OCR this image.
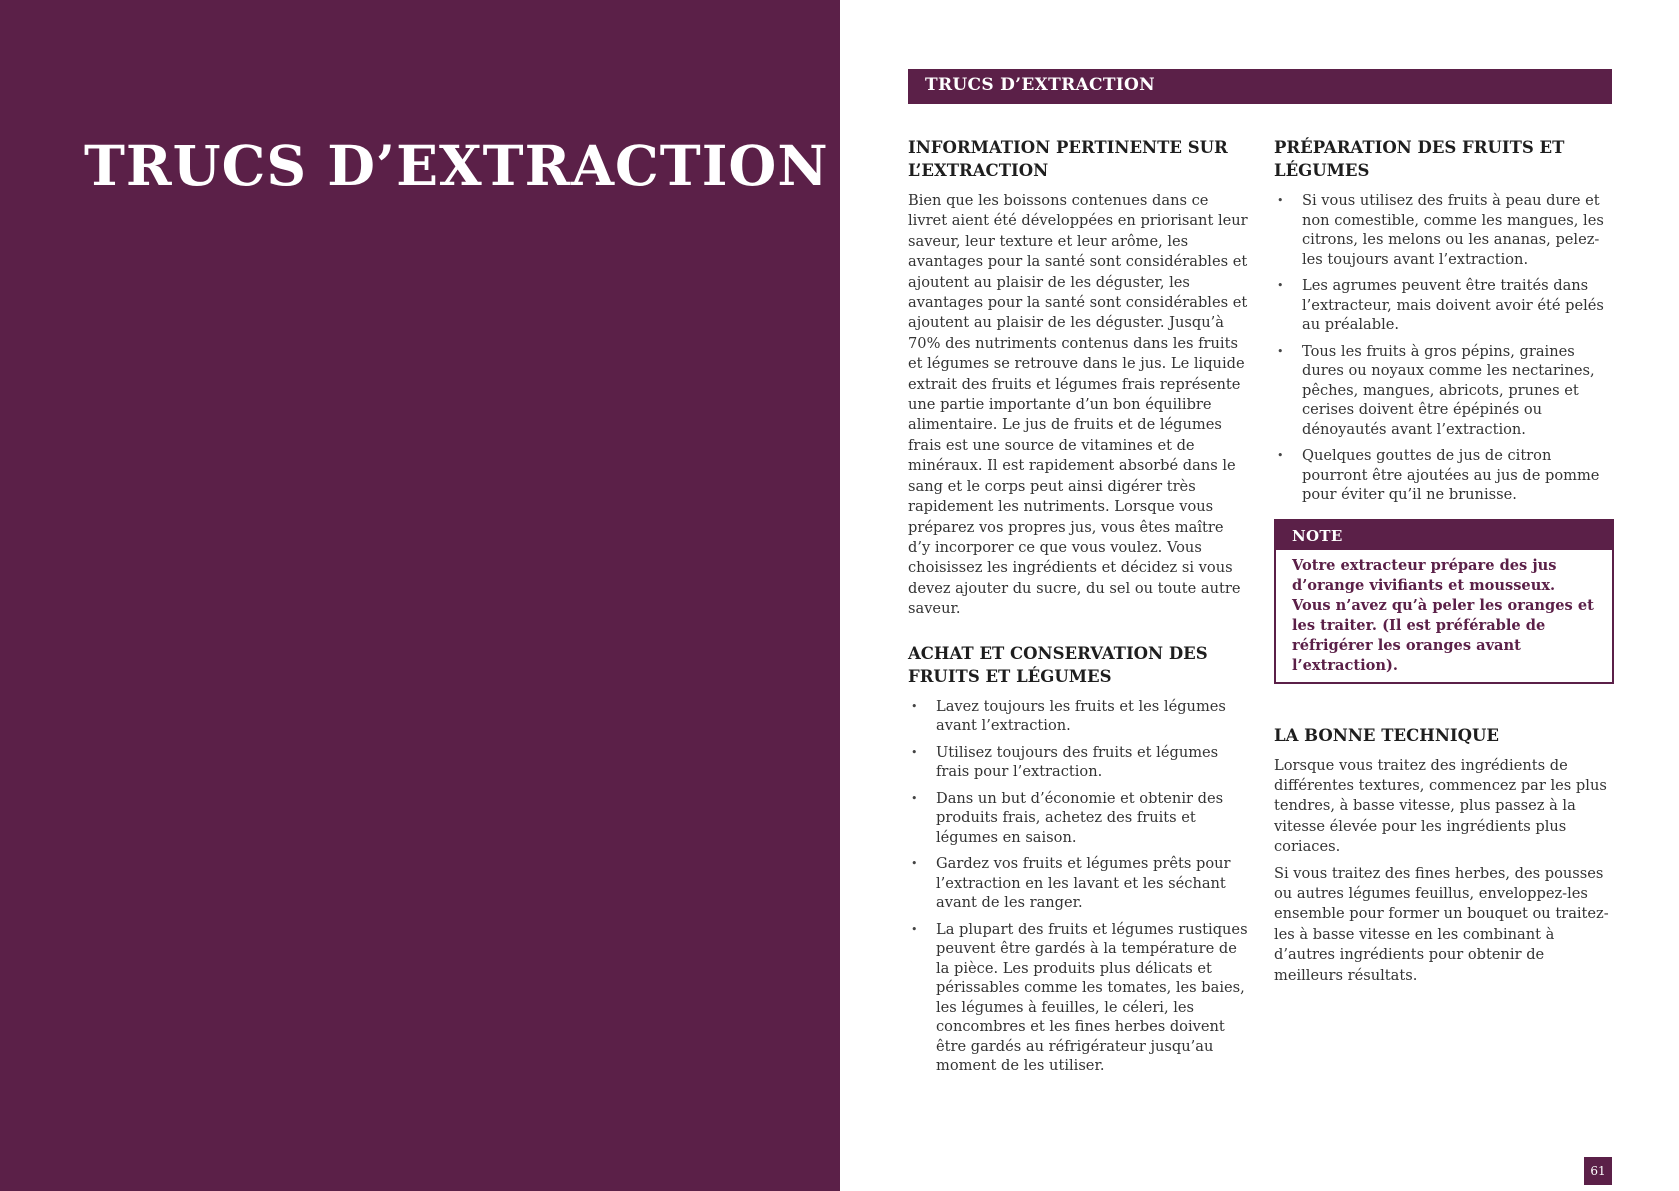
TRUCS D’EXTRACTION
TRUCS D’EXTRACTION
INFORMATION PERTINENTE SUR L’EXTRACTION

Bien que les boissons contenues dans ce livret aient été développées en priorisant leur saveur, leur texture et leur arôme, les avantages pour la santé sont considérables et ajoutent au plaisir de les déguster, les avantages pour la santé sont considérables et ajoutent au plaisir de les déguster. Jusqu’à 70% des nutriments contenus dans les fruits et légumes se retrouve dans le jus. Le liquide extrait des fruits et légumes frais représente une partie importante d’un bon équilibre alimentaire. Le jus de fruits et de légumes frais est une source de vitamines et de minéraux. Il est rapidement absorbé dans le sang et le corps peut ainsi digérer très rapidement les nutriments. Lorsque vous préparez vos propres jus, vous êtes maître d’y incorporer ce que vous voulez. Vous choisissez les ingrédients et décidez si vous devez ajouter du sucre, du sel ou toute autre saveur.

ACHAT ET CONSERVATION DES FRUITS ET LÉGUMES
• Lavez toujours les fruits et les légumes avant l’extraction.
• Utilisez toujours des fruits et légumes frais pour l’extraction.
• Dans un but d’économie et obtenir des produits frais, achetez des fruits et légumes en saison.
• Gardez vos fruits et légumes prêts pour l’extraction en les lavant et les séchant avant de les ranger.
• La plupart des fruits et légumes rustiques peuvent être gardés à la température de la pièce. Les produits plus délicats et périssables comme les tomates, les baies, les légumes à feuilles, le céleri, les concombres et les fines herbes doivent être gardés au réfrigérateur jusqu’au moment de les utiliser.
PRÉPARATION DES FRUITS ET LÉGUMES
• Si vous utilisez des fruits à peau dure et non comestible, comme les mangues, les citrons, les melons ou les ananas, pelez-les toujours avant l’extraction.
• Les agrumes peuvent être traités dans l’extracteur, mais doivent avoir été pelés au préalable.
• Tous les fruits à gros pépins, graines dures ou noyaux comme les nectarines, pêches, mangues, abricots, prunes et cerises doivent être épépinés ou dénoyautés avant l’extraction.
• Quelques gouttes de jus de citron pourront être ajoutées au jus de pomme pour éviter qu’il ne brunisse.
NOTE
Votre extracteur prépare des jus d’orange vivifiants et mousseux. Vous n’avez qu’à peler les oranges et les traiter. (Il est préférable de réfrigérer les oranges avant l’extraction).
LA BONNE TECHNIQUE

Lorsque vous traitez des ingrédients de différentes textures, commencez par les plus tendres, à basse vitesse, plus passez à la vitesse élevée pour les ingrédients plus coriaces.

Si vous traitez des fines herbes, des pousses ou autres légumes feuillus, enveloppez-les ensemble pour former un bouquet ou traitez-les à basse vitesse en les combinant à d’autres ingrédients pour obtenir de meilleurs résultats.

61
